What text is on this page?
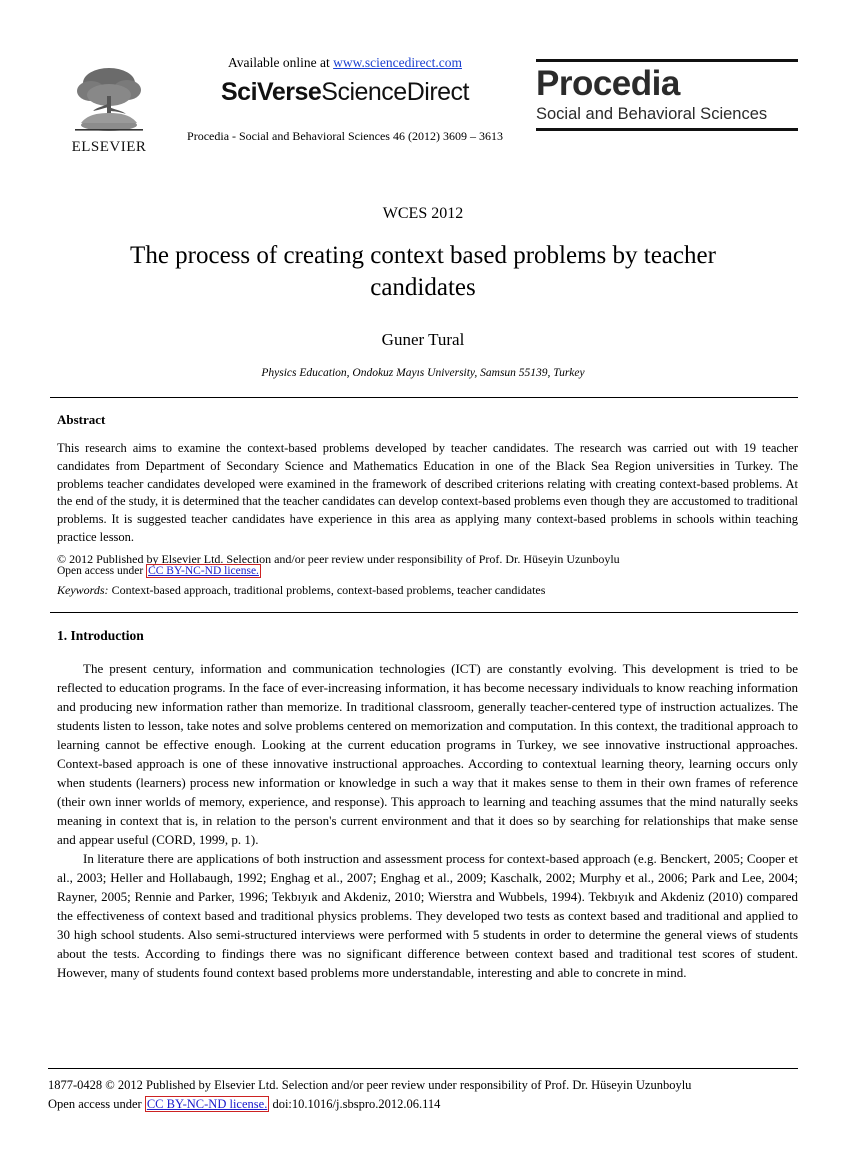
ELSEVIER
Available online at www.sciencedirect.com
SciVerseScienceDirect
Procedia - Social and Behavioral Sciences 46 (2012) 3609 – 3613
Procedia
Social and Behavioral Sciences
WCES 2012
The process of creating context based problems by teacher candidates
Guner Tural
Physics Education, Ondokuz Mayıs University, Samsun 55139, Turkey
Abstract
This research aims to examine the context-based problems developed by teacher candidates. The research was carried out with 19 teacher candidates from Department of Secondary Science and Mathematics Education in one of the Black Sea Region universities in Turkey. The problems teacher candidates developed were examined in the framework of described criterions relating with creating context-based problems. At the end of the study, it is determined that the teacher candidates can develop context-based problems even though they are accustomed to traditional problems. It is suggested teacher candidates have experience in this area as applying many context-based problems in schools within teaching practice lesson.
© 2012 Published by Elsevier Ltd. Selection and/or peer review under responsibility of Prof. Dr. Hüseyin Uzunboylu
Open access under CC BY-NC-ND license.
Keywords: Context-based approach, traditional problems, context-based problems, teacher candidates
1. Introduction

The present century, information and communication technologies (ICT) are constantly evolving. This development is tried to be reflected to education programs. In the face of ever-increasing information, it has become necessary individuals to know reaching information and producing new information rather than memorize. In traditional classroom, generally teacher-centered type of instruction actualizes. The students listen to lesson, take notes and solve problems centered on memorization and computation. In this context, the traditional approach to learning cannot be effective enough. Looking at the current education programs in Turkey, we see innovative instructional approaches. Context-based approach is one of these innovative instructional approaches. According to contextual learning theory, learning occurs only when students (learners) process new information or knowledge in such a way that it makes sense to them in their own frames of reference (their own inner worlds of memory, experience, and response). This approach to learning and teaching assumes that the mind naturally seeks meaning in context that is, in relation to the person's current environment and that it does so by searching for relationships that make sense and appear useful (CORD, 1999, p. 1).

In literature there are applications of both instruction and assessment process for context-based approach (e.g. Benckert, 2005; Cooper et al., 2003; Heller and Hollabaugh, 1992; Enghag et al., 2007; Enghag et al., 2009; Kaschalk, 2002; Murphy et al., 2006; Park and Lee, 2004; Rayner, 2005; Rennie and Parker, 1996; Tekbıyık and Akdeniz, 2010; Wierstra and Wubbels, 1994). Tekbıyık and Akdeniz (2010) compared the effectiveness of context based and traditional physics problems. They developed two tests as context based and traditional and applied to 30 high school students. Also semi-structured interviews were performed with 5 students in order to determine the general views of students about the tests. According to findings there was no significant difference between context based and traditional test scores of student. However, many of students found context based problems more understandable, interesting and able to concrete in mind.

1877-0428 © 2012 Published by Elsevier Ltd. Selection and/or peer review under responsibility of Prof. Dr. Hüseyin Uzunboylu
Open access under CC BY-NC-ND license. doi:10.1016/j.sbspro.2012.06.114
